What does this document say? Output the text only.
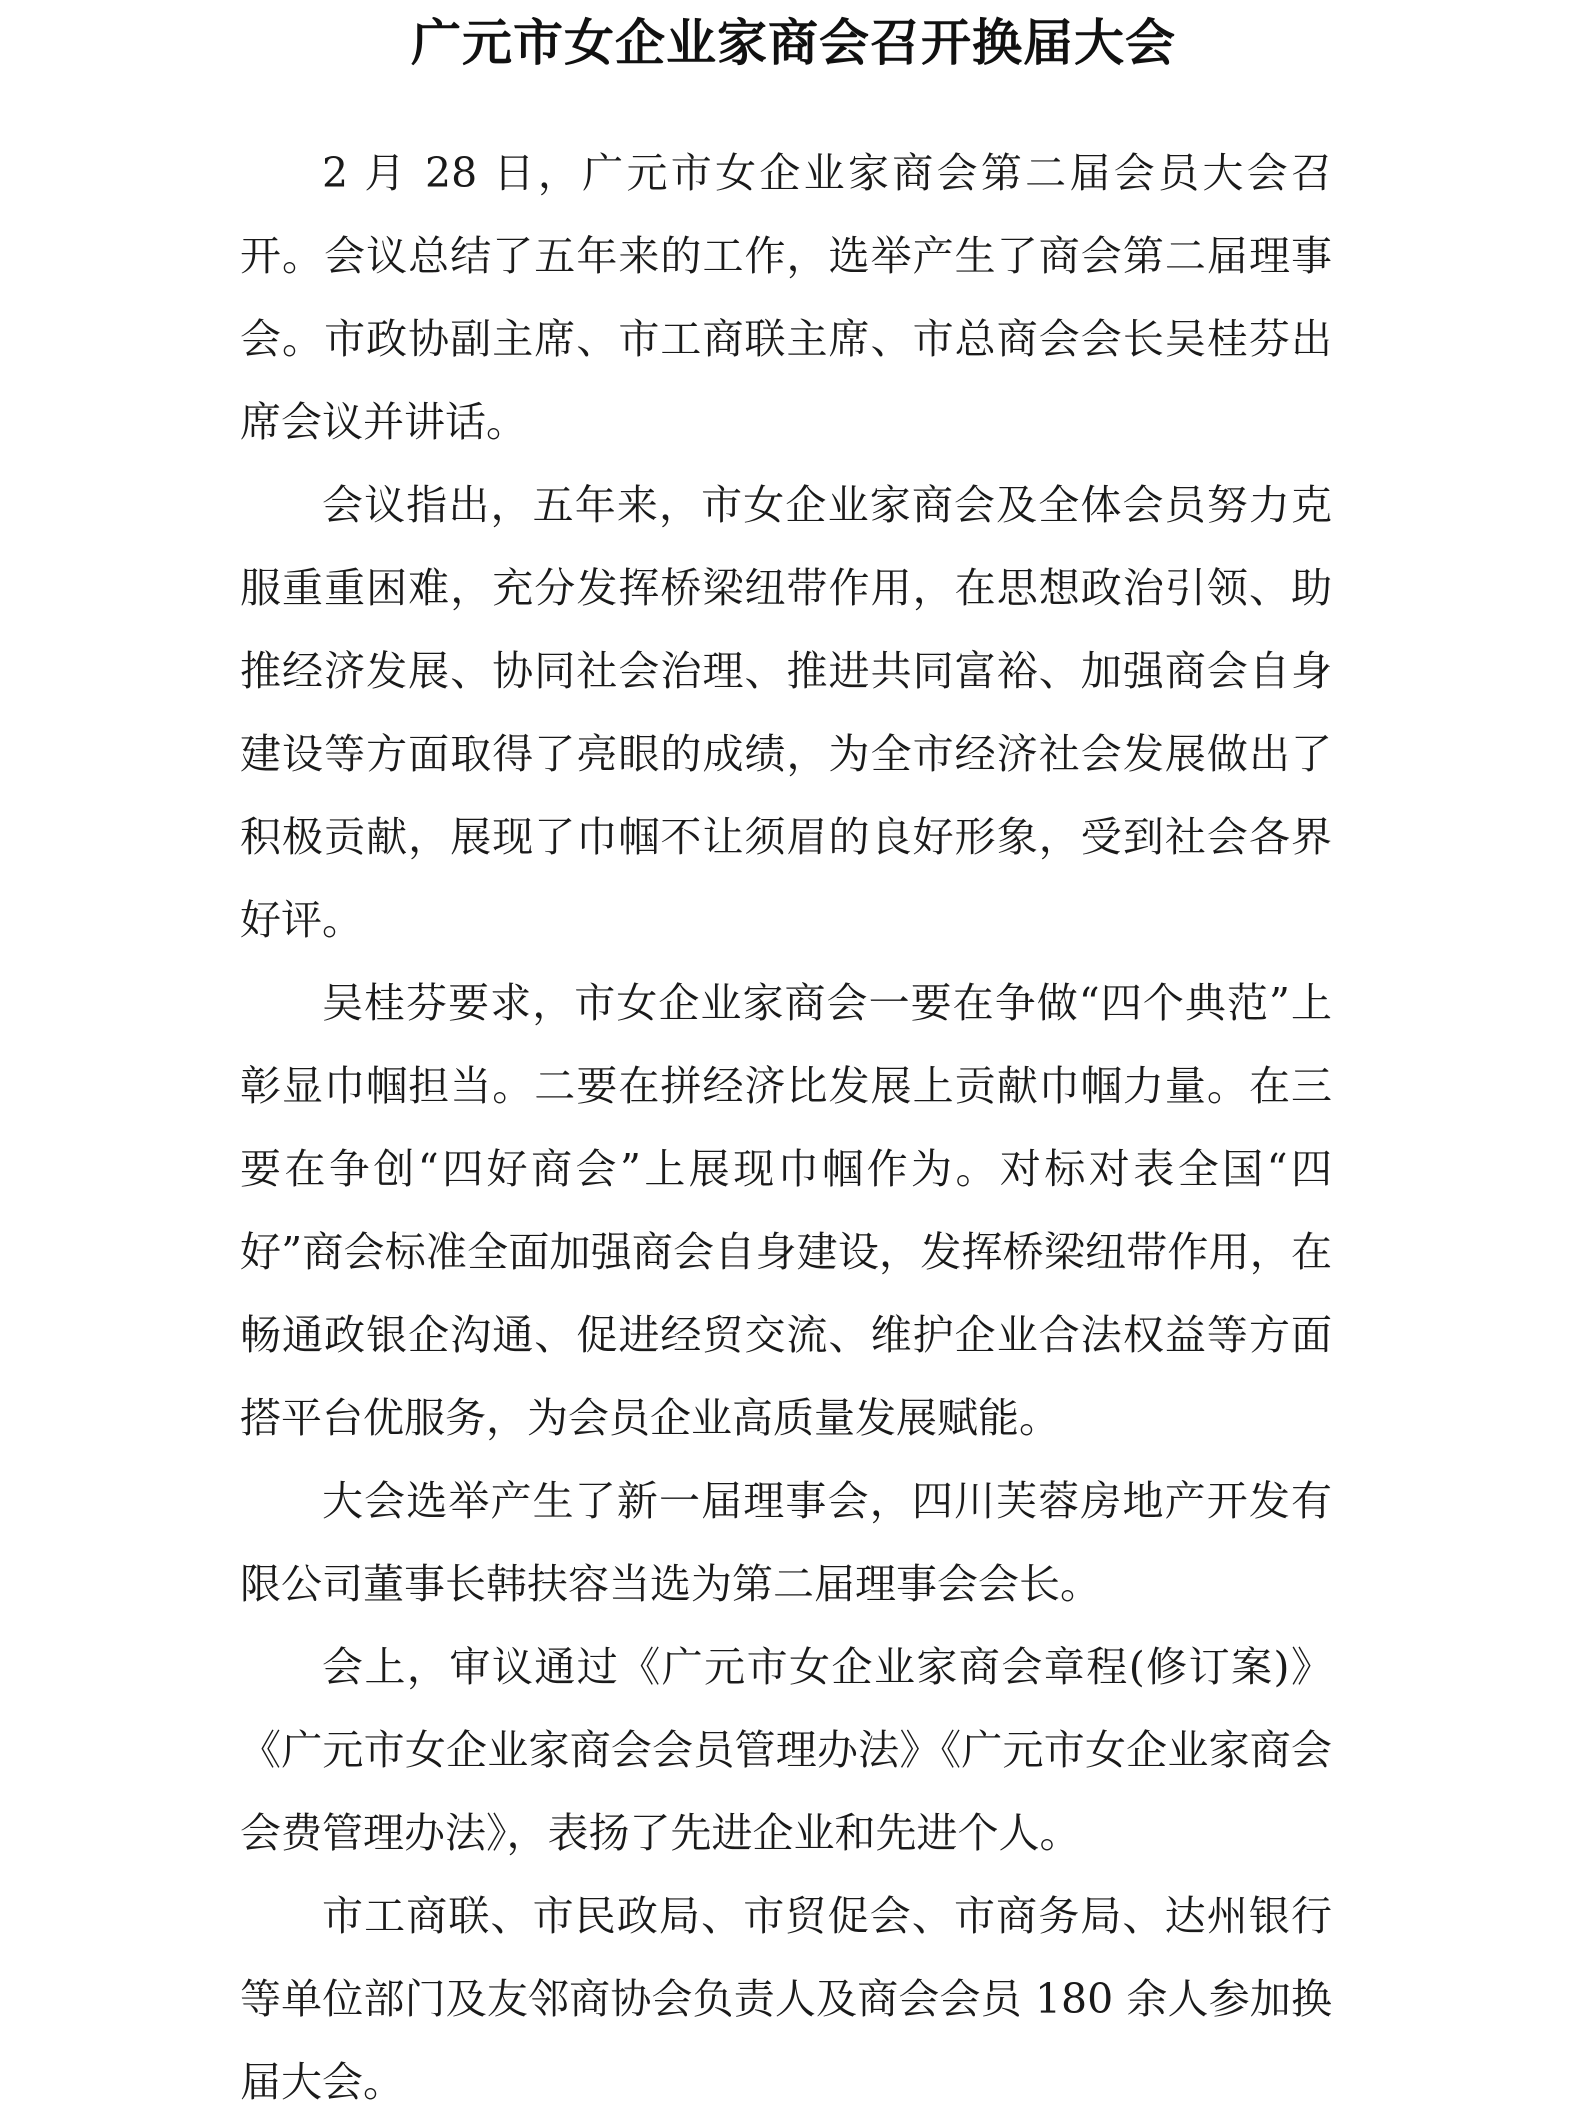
广元市女企业家商会召开换届大会

2 月 28 日，广元市女企业家商会第二届会员大会召开。会议总结了五年来的工作，选举产生了商会第二届理事会。市政协副主席、市工商联主席、市总商会会长吴桂芬出席会议并讲话。

会议指出，五年来，市女企业家商会及全体会员努力克服重重困难，充分发挥桥梁纽带作用，在思想政治引领、助推经济发展、协同社会治理、推进共同富裕、加强商会自身建设等方面取得了亮眼的成绩，为全市经济社会发展做出了积极贡献，展现了巾帼不让须眉的良好形象，受到社会各界好评。

吴桂芬要求，市女企业家商会一要在争做“四个典范”上彰显巾帼担当。二要在拼经济比发展上贡献巾帼力量。在三要在争创“四好商会”上展现巾帼作为。对标对表全国“四好”商会标准全面加强商会自身建设，发挥桥梁纽带作用，在畅通政银企沟通、促进经贸交流、维护企业合法权益等方面搭平台优服务，为会员企业高质量发展赋能。

大会选举产生了新一届理事会，四川芙蓉房地产开发有限公司董事长韩扶容当选为第二届理事会会长。

会上，审议通过《广元市女企业家商会章程(修订案)》《广元市女企业家商会会员管理办法》《广元市女企业家商会会费管理办法》，表扬了先进企业和先进个人。

市工商联、市民政局、市贸促会、市商务局、达州银行等单位部门及友邻商协会负责人及商会会员 180 余人参加换届大会。
